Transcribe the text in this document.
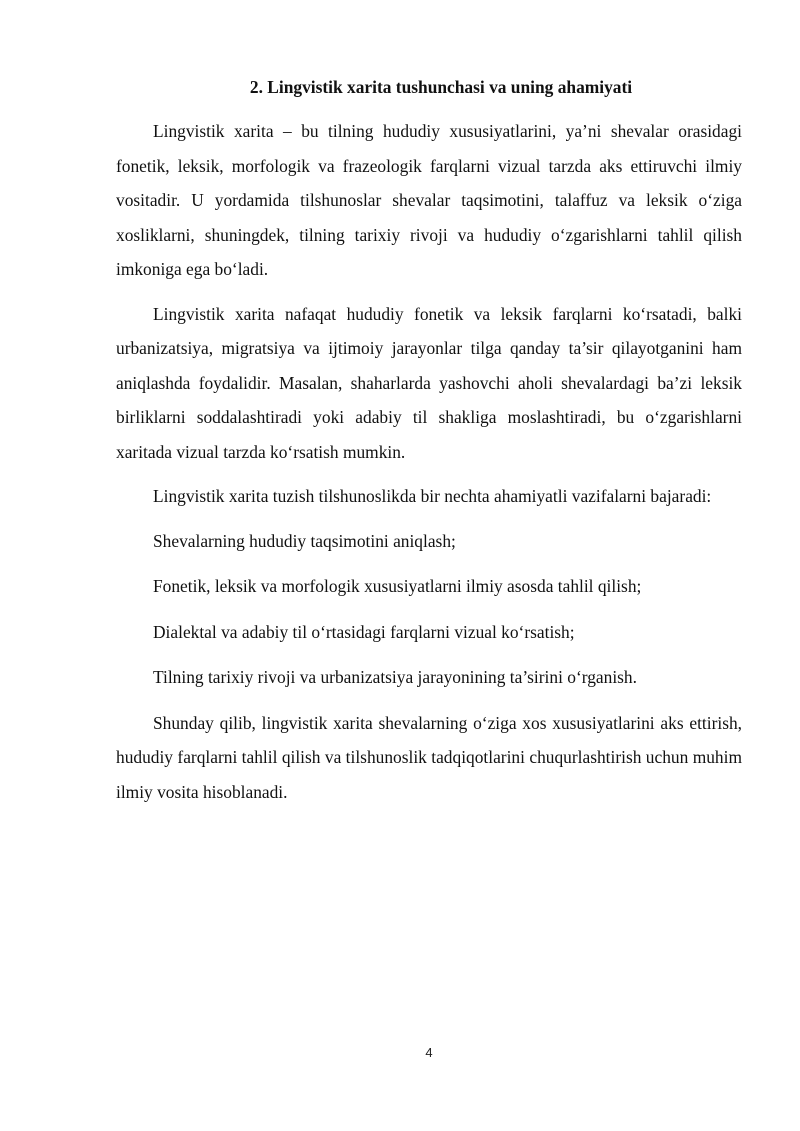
2. Lingvistik xarita tushunchasi va uning ahamiyati

Lingvistik xarita – bu tilning hududiy xususiyatlarini, ya’ni shevalar orasidagi fonetik, leksik, morfologik va frazeologik farqlarni vizual tarzda aks ettiruvchi ilmiy vositadir. U yordamida tilshunoslar shevalar taqsimotini, talaffuz va leksik o‘ziga xosliklarni, shuningdek, tilning tarixiy rivoji va hududiy o‘zgarishlarni tahlil qilish imkoniga ega bo‘ladi.

Lingvistik xarita nafaqat hududiy fonetik va leksik farqlarni ko‘rsatadi, balki urbanizatsiya, migratsiya va ijtimoiy jarayonlar tilga qanday ta’sir qilayotganini ham aniqlashda foydalidir. Masalan, shaharlarda yashovchi aholi shevalardagi ba’zi leksik birliklarni soddalashtiradi yoki adabiy til shakliga moslashtiradi, bu o‘zgarishlarni xaritada vizual tarzda ko‘rsatish mumkin.

Lingvistik xarita tuzish tilshunoslikda bir nechta ahamiyatli vazifalarni bajaradi:

Shevalarning hududiy taqsimotini aniqlash;

Fonetik, leksik va morfologik xususiyatlarni ilmiy asosda tahlil qilish;

Dialektal va adabiy til o‘rtasidagi farqlarni vizual ko‘rsatish;

Tilning tarixiy rivoji va urbanizatsiya jarayonining ta’sirini o‘rganish.

Shunday qilib, lingvistik xarita shevalarning o‘ziga xos xususiyatlarini aks ettirish, hududiy farqlarni tahlil qilish va tilshunoslik tadqiqotlarini chuqurlashtirish uchun muhim ilmiy vosita hisoblanadi.

4
